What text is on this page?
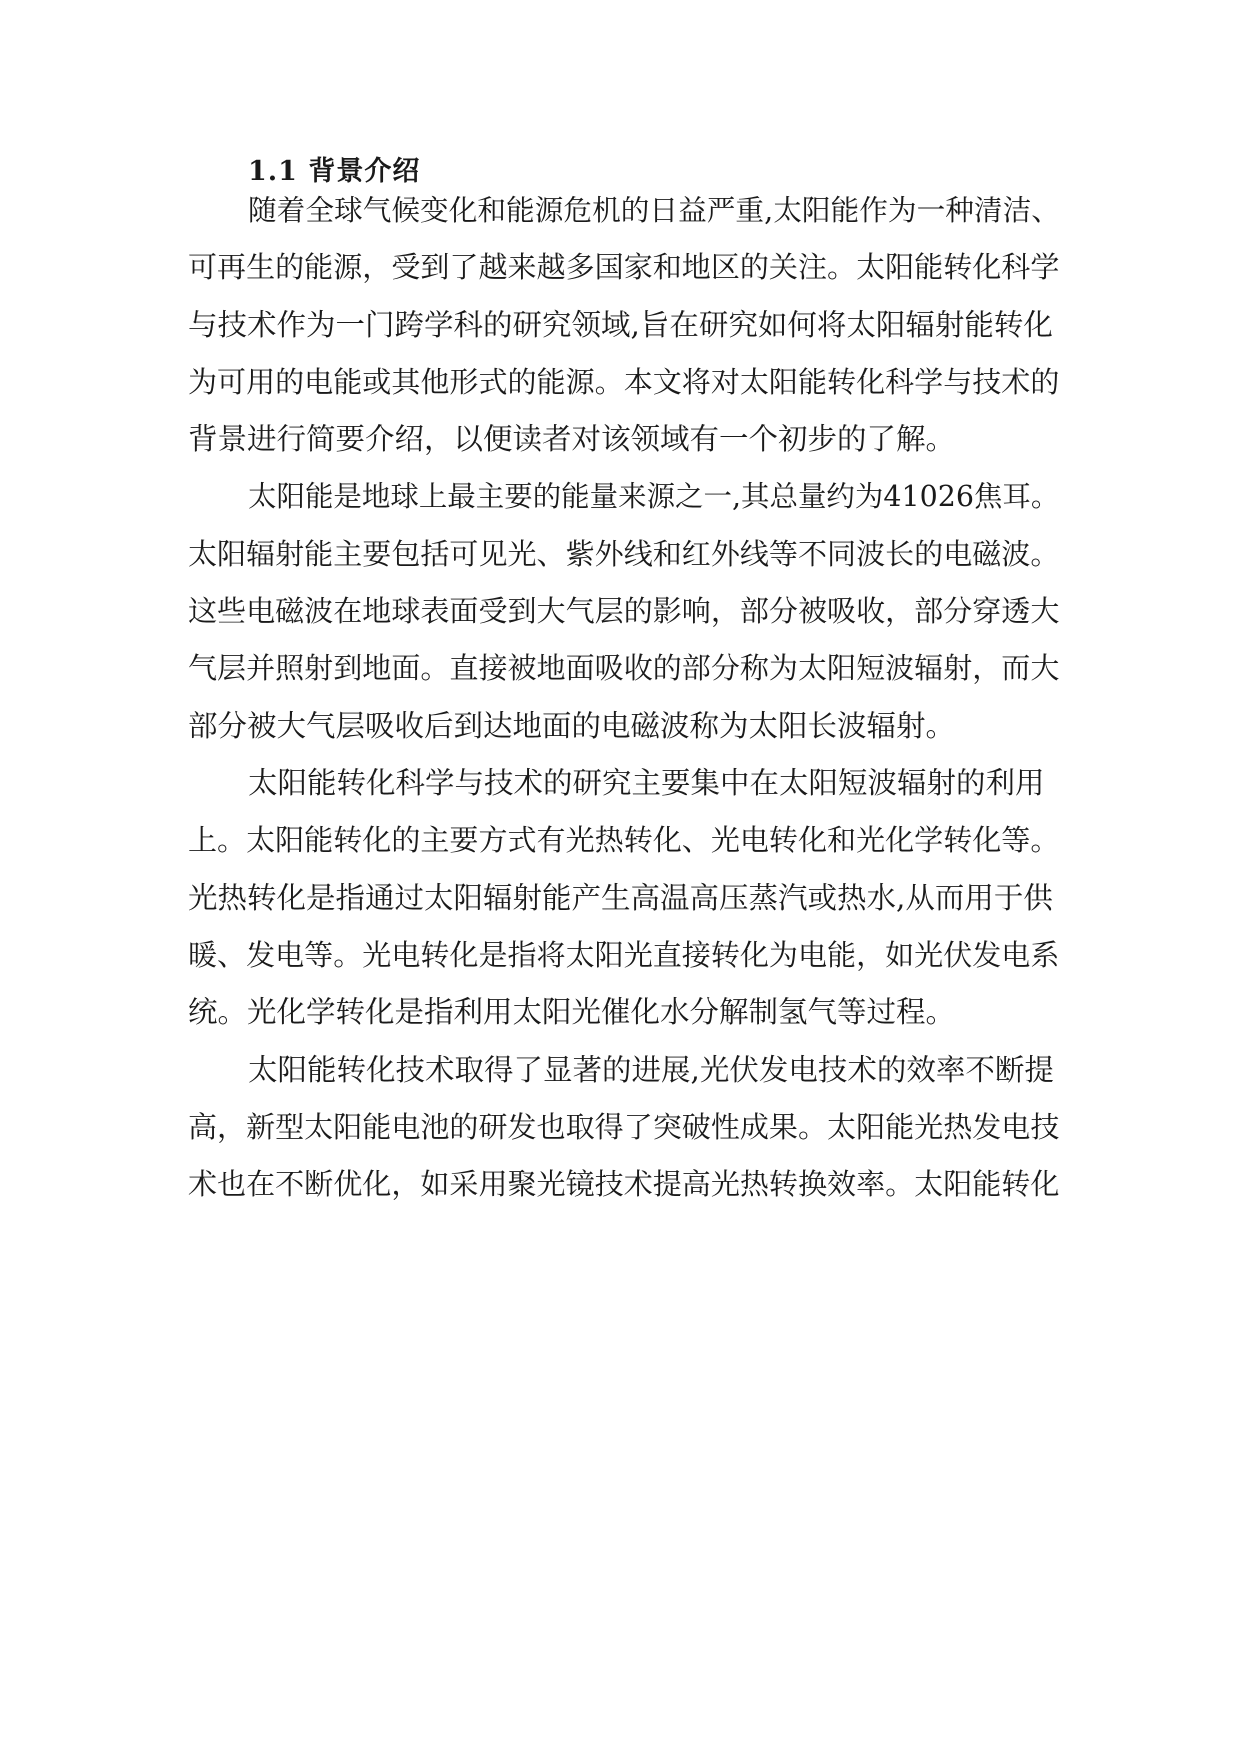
1.1 背景介绍
随着全球气候变化和能源危机的日益严重,太阳能作为一种清洁、
可再生的能源，受到了越来越多国家和地区的关注。太阳能转化科学
与技术作为一门跨学科的研究领域,旨在研究如何将太阳辐射能转化
为可用的电能或其他形式的能源。本文将对太阳能转化科学与技术的
背景进行简要介绍，以便读者对该领域有一个初步的了解。
太阳能是地球上最主要的能量来源之一,其总量约为41026焦耳。
太阳辐射能主要包括可见光、紫外线和红外线等不同波长的电磁波。
这些电磁波在地球表面受到大气层的影响，部分被吸收，部分穿透大
气层并照射到地面。直接被地面吸收的部分称为太阳短波辐射，而大
部分被大气层吸收后到达地面的电磁波称为太阳长波辐射。
太阳能转化科学与技术的研究主要集中在太阳短波辐射的利用
上。太阳能转化的主要方式有光热转化、光电转化和光化学转化等。
光热转化是指通过太阳辐射能产生高温高压蒸汽或热水,从而用于供
暖、发电等。光电转化是指将太阳光直接转化为电能，如光伏发电系
统。光化学转化是指利用太阳光催化水分解制氢气等过程。
太阳能转化技术取得了显著的进展,光伏发电技术的效率不断提
高，新型太阳能电池的研发也取得了突破性成果。太阳能光热发电技
术也在不断优化，如采用聚光镜技术提高光热转换效率。太阳能转化
